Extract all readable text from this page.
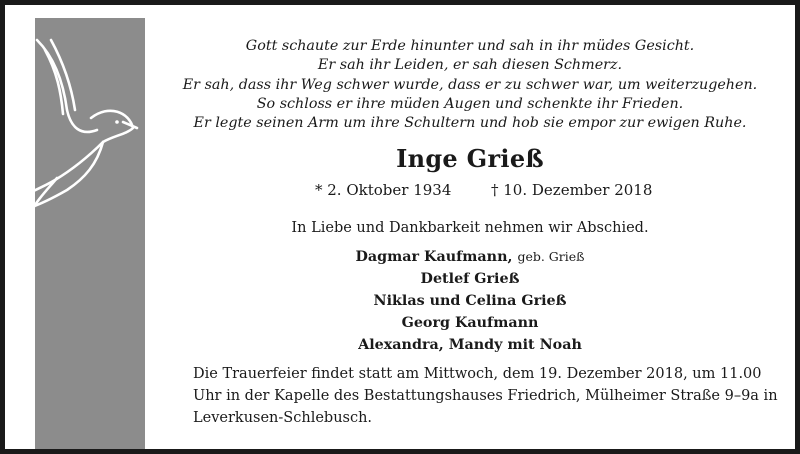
Gott schaute zur Erde hinunter und sah in ihr müdes Gesicht.
Er sah ihr Leiden, er sah diesen Schmerz.
Er sah, dass ihr Weg schwer wurde, dass er zu schwer war, um weiterzugehen.
So schloss er ihre müden Augen und schenkte ihr Frieden.
Er legte seinen Arm um ihre Schultern und hob sie empor zur ewigen Ruhe.
Inge Grieß
* 2. Oktober 1934	† 10. Dezember 2018
In Liebe und Dankbarkeit nehmen wir Abschied.
Dagmar Kaufmann, geb. Grieß
Detlef Grieß
Niklas und Celina Grieß
Georg Kaufmann
Alexandra, Mandy mit Noah
Die Trauerfeier findet statt am Mittwoch, dem 19. Dezember 2018, um 11.00 Uhr in der Kapelle des Bestattungshauses Friedrich, Mülheimer Straße 9–9a in Leverkusen-Schlebusch.
